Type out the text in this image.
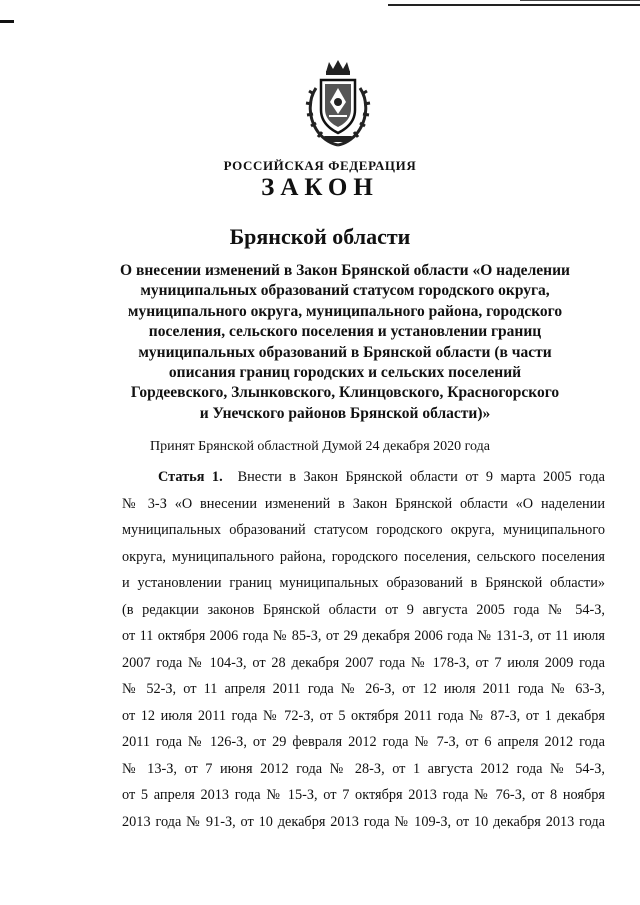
РОССИЙСКАЯ ФЕДЕРАЦИЯ
ЗАКОН
Брянской области
О внесении изменений в Закон Брянской области «О наделении
муниципальных образований статусом городского округа,
муниципального округа, муниципального района, городского
поселения, сельского поселения и установлении границ
муниципальных образований в Брянской области (в части
описания границ городских и сельских поселений
Гордеевского, Злынковского, Клинцовского, Красногорского
и Унечского районов Брянской области)»
Принят Брянской областной Думой 24 декабря 2020 года
Статья 1. Внести в Закон Брянской области от 9 марта 2005 года
№ 3-З «О внесении изменений в Закон Брянской области «О наделении
муниципальных образований статусом городского округа, муниципального
округа, муниципального района, городского поселения, сельского поселения
и установлении границ муниципальных образований в Брянской области»
(в редакции законов Брянской области от 9 августа 2005 года № 54-З,
от 11 октября 2006 года № 85-З, от 29 декабря 2006 года № 131-З, от 11 июля
2007 года № 104-З, от 28 декабря 2007 года № 178-З, от 7 июля 2009 года
№ 52-З, от 11 апреля 2011 года № 26-З, от 12 июля 2011 года № 63-З,
от 12 июля 2011 года № 72-З, от 5 октября 2011 года № 87-З, от 1 декабря
2011 года № 126-З, от 29 февраля 2012 года № 7-З, от 6 апреля 2012 года
№ 13-З, от 7 июня 2012 года № 28-З, от 1 августа 2012 года № 54-З,
от 5 апреля 2013 года № 15-З, от 7 октября 2013 года № 76-З, от 8 ноября
2013 года № 91-З, от 10 декабря 2013 года № 109-З, от 10 декабря 2013 года
